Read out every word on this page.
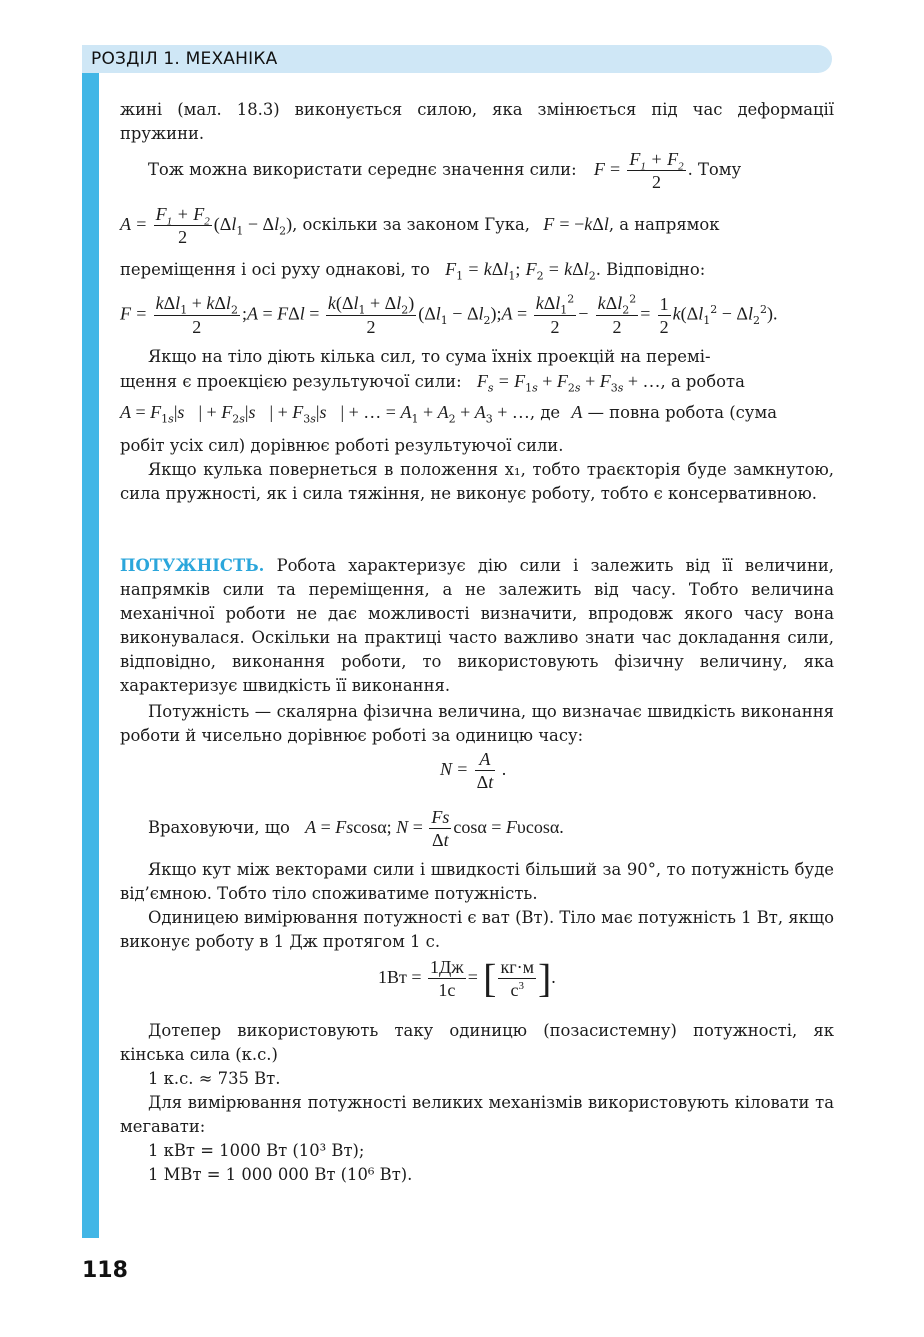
РОЗДІЛ 1. МЕХАНІКА

жині (мал. 18.3) виконується силою, яка змінюється під час деформації пружини.

Тож можна використати середнє значення сили: $F = \frac{F_1 + F_2}{2}$ . Тому
$A = \frac{F_1 + F_2}{2} (\Delta l_1 - \Delta l_2)$, оскільки за законом Гука, F = −kΔl, а напрямок
переміщення і осі руху однакові, то $F_1 = k\Delta l_1$; $F_2 = k\Delta l_2$. Відповідно:
$F = \frac{k\Delta l_1 + k\Delta l_2}{2}$ ;A = $F\Delta l = \frac{k(\Delta l_1 + \Delta l_2)}{2} (\Delta l_1$ − $\Delta l_2);A = \frac{k\Delta l_1^2}{2} - \frac{k\Delta l_2^2}{2} = \frac{1}{2} k(\Delta l_1^2 - \Delta l_2^2)$.

Якщо на тіло діють кілька сил, то сума їхніх проекцій на перемі-

щення є проекцією результуючої сили: $F_s = F_{1s} + F_{2s} + F_{3s}$ + …, а робота
$A = F_{1s}|s⃗|$ + $F_{2s}|s⃗|$ + $F_{3s}|s⃗|$ + … = $A_1 + A_2 + A_3$ + …, де A — повна робота (сума

робіт усіх сил) дорівнює роботі результуючої сили.

Якщо кулька повернеться в положення x₁, тобто траєкторія буде замкнутою, сила пружності, як і сила тяжіння, не виконує роботу, тобто є консервативною.

ПОТУЖНІСТЬ. Робота характеризує дію сили і залежить від її величини, напрямків сили та переміщення, а не залежить від часу. Тобто величина механічної роботи не дає можливості визначити, впродовж якого часу вона виконувалася. Оскільки на практиці часто важливо знати час докладання сили, відповідно, виконання роботи, то використовують фізичну величину, яка характеризує швидкість її виконання.

Потужність — скалярна фізична величина, що визначає швидкість виконання роботи й чисельно дорівнює роботі за одиницю часу:

$N = \frac{A}{\Delta t}$ .
Враховуючи, що A = Fscosα; $N = \frac{Fs}{\Delta t}$ cosα = Fυcosα.

Якщо кут між векторами сили і швидкості більший за 90°, то потужність буде від’ємною. Тобто тіло споживатиме потужність.

Одиницею вимірювання потужності є ват (Вт). Тіло має потужність 1 Вт, якщо виконує роботу в 1 Дж протягом 1 с.

$1Вт = \frac{1Дж}{1с}$ = [ $\frac{кг\cdot м}{с^3}$ ].

Дотепер використовують таку одиницю (позасистемну) потужності, як кінська сила (к.с.)

1 к.с. ≈ 735 Вт.

Для вимірювання потужності великих механізмів використовують кіловати та мегавати:

1 кВт = 1000 Вт (10³ Вт);

1 МВт = 1 000 000 Вт (10⁶ Вт).

118
